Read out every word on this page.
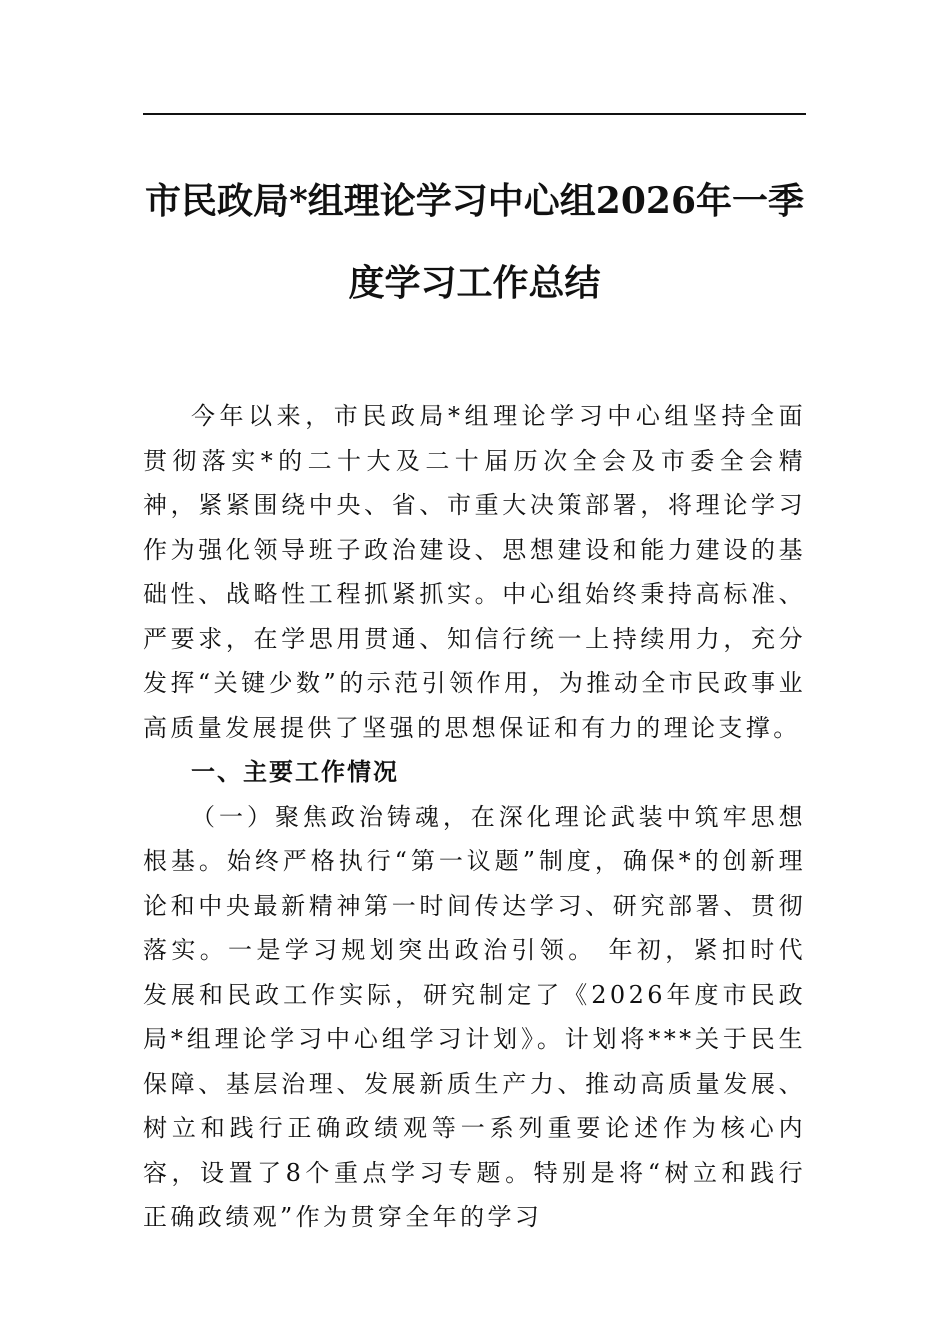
市民政局*组理论学习中心组2026年一季度学习工作总结

今年以来，市民政局*组理论学习中心组坚持全面贯彻落实*的二十大及二十届历次全会及市委全会精神，紧紧围绕中央、省、市重大决策部署，将理论学习作为强化领导班子政治建设、思想建设和能力建设的基础性、战略性工程抓紧抓实。中心组始终秉持高标准、严要求，在学思用贯通、知信行统一上持续用力，充分发挥“关键少数”的示范引领作用，为推动全市民政事业高质量发展提供了坚强的思想保证和有力的理论支撑。

一、主要工作情况

（一）聚焦政治铸魂，在深化理论武装中筑牢思想根基。始终严格执行“第一议题”制度，确保*的创新理论和中央最新精神第一时间传达学习、研究部署、贯彻落实。一是学习规划突出政治引领。 年初，紧扣时代发展和民政工作实际，研究制定了《2026年度市民政局*组理论学习中心组学习计划》。计划将***关于民生保障、基层治理、发展新质生产力、推动高质量发展、树立和践行正确政绩观等一系列重要论述作为核心内容，设置了8个重点学习专题。特别是将“树立和践行正确政绩观”作为贯穿全年的学习
